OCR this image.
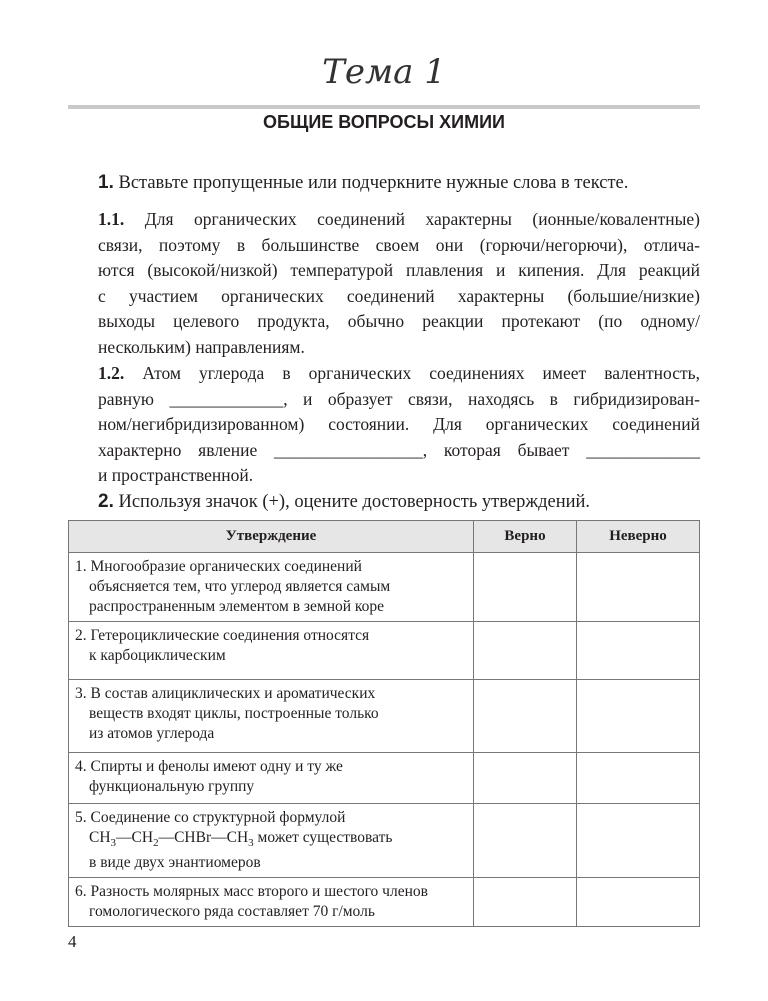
Тема 1
ОБЩИЕ ВОПРОСЫ ХИМИИ
1. Вставьте пропущенные или подчеркните нужные слова в тексте.
1.1. Для органических соединений характерны (ионные/ковалентные)
связи, поэтому в большинстве своем они (горючи/негорючи), отлича-
ются (высокой/низкой) температурой плавления и кипения. Для реакций
с участием органических соединений характерны (большие/низкие)
выходы целевого продукта, обычно реакции протекают (по одному/
нескольким) направлениям.
1.2. Атом углерода в органических соединениях имеет валентность,
равную _____________, и образует связи, находясь в гибридизирован-
ном/негибридизированном) состоянии. Для органических соединений
характерно явление _________________, которая бывает _____________
и пространственной.
2. Используя значок (+), оцените достоверность утверждений.
Утверждение	Верно	Неверно

1. Многообразие органических соединений
объясняется тем, что углерод является самым
распространенным элементом в земной коре		

2. Гетероциклические соединения относятся
к карбоциклическим		

3. В состав алициклических и ароматических
веществ входят циклы, построенные только
из атомов углерода		

4. Спирты и фенолы имеют одну и ту же
функциональную группу		

5. Соединение со структурной формулой
$CH_3—CH_2—CHBr—CH_3$ может существовать
в виде двух энантиомеров		

6. Разность молярных масс второго и шестого членов
гомологического ряда составляет 70 г/моль		

4
